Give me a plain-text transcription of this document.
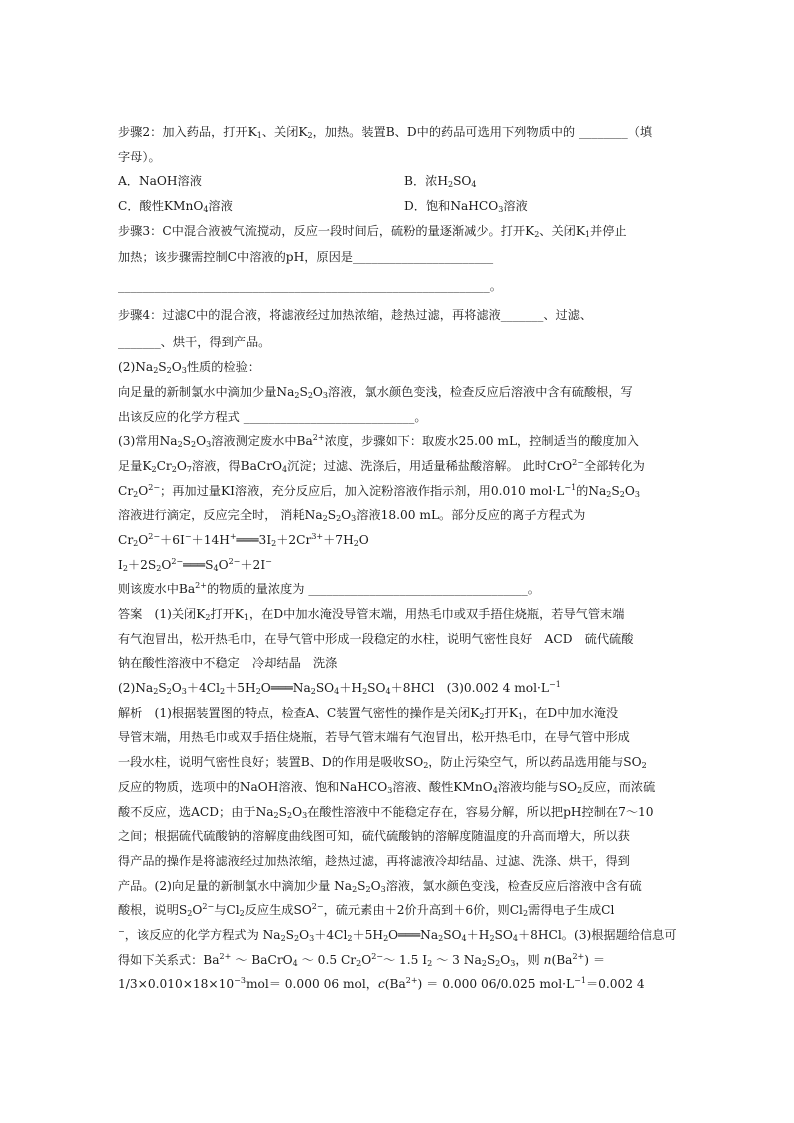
步骤2：加入药品，打开$K_1$、关闭$K_2$，加热。装置B、D中的药品可选用下列物质中的 ________（填
字母）。
A．NaOH溶液	B．浓$H_2SO_4$
C．酸性KMnO$_4$溶液	D．饱和NaHCO$_3$溶液
步骤3：C中混合液被气流搅动，反应一段时间后，硫粉的量逐渐减少。打开$K_2$、关闭$K_1$并停止
加热；该步骤需控制C中溶液的pH，原因是_______________________
_____________________________________________________________。
步骤4：过滤C中的混合液，将滤液经过加热浓缩，趁热过滤，再将滤液_______、过滤、
_______、烘干，得到产品。
$(2)Na_2S_2O_3$性质的检验：
向足量的新制氯水中滴加少量$Na_2S_2O_3$溶液，氯水颜色变浅，检查反应后溶液中含有硫酸根，写
出该反应的化学方程式 ____________________________。
(3)常用$Na_2S_2O_3$溶液测定废水中$Ba^{2+}$浓度，步骤如下：取废水25.00 mL，控制适当的酸度加入
足量$K_2Cr_2O_7$溶液，得BaCrO$_4$沉淀；过滤、洗涤后，用适量稀盐酸溶解。 此时CrO$^{2-}$全部转化为
$Cr_2O^{2-}$；再加过量KI溶液，充分反应后，加入淀粉溶液作指示剂，用0.010 $mol\cdot L^{-1}$的$Na_2S_2O_3$
溶液进行滴定，反应完全时， 消耗$Na_2S_2O_3$溶液18.00 mL。部分反应的离子方程式为
$Cr_2O^{2-}+6I^-+14H^+═══3I_2+2Cr^{3+}+7H_2O$
$I_2+2S_2O^{2-}═══S_4O^{2-}+2I^-$
则该废水中$Ba^{2+}$的物质的量浓度为 ____________________________________。
答案　(1)关闭$K_2$打开$K_1$，在D中加水淹没导管末端，用热毛巾或双手捂住烧瓶，若导气管末端
有气泡冒出，松开热毛巾，在导气管中形成一段稳定的水柱，说明气密性良好　ACD　硫代硫酸
钠在酸性溶液中不稳定　冷却结晶　洗涤
$(2)Na_2S_2O_3+4Cl_2+5H_2O═══Na_2SO_4+H_2SO_4+8HCl$　(3)0.002 4 $mol\cdot L^{-1}$
解析　(1)根据装置图的特点，检查A、C装置气密性的操作是关闭$K_2$打开$K_1$，在D中加水淹没
导管末端，用热毛巾或双手捂住烧瓶，若导气管末端有气泡冒出，松开热毛巾，在导气管中形成
一段水柱，说明气密性良好；装置B、D的作用是吸收$SO_2$，防止污染空气，所以药品选用能与$SO_2$
反应的物质，选项中的NaOH溶液、饱和NaHCO$_3$溶液、酸性KMnO$_4$溶液均能与$SO_2$反应，而浓硫
酸不反应，选ACD；由于$Na_2S_2O_3$在酸性溶液中不能稳定存在，容易分解，所以把pH控制在7～10
之间；根据硫代硫酸钠的溶解度曲线图可知，硫代硫酸钠的溶解度随温度的升高而增大，所以获
得产品的操作是将滤液经过加热浓缩，趁热过滤，再将滤液冷却结晶、过滤、洗涤、烘干，得到
产品。(2)向足量的新制氯水中滴加少量 $Na_2S_2O_3$溶液，氯水颜色变浅，检查反应后溶液中含有硫
酸根，说明$S_2O^{2-}$与$Cl_2$反应生成$SO^{2-}$，硫元素由＋2价升高到＋6价，则$Cl_2$需得电子生成Cl
−，该反应的化学方程式为 $Na_2S_2O_3+4Cl_2+5H_2O═══Na_2SO_4+H_2SO_4+8HCl$。(3)根据题给信息可
得如下关系式：$Ba^{2+}$ ～ BaCrO$_4$ ～ 0.5 $Cr_2O^{2-}\sim$ 1.5 $I_2$ ～ 3 $Na_2S_2O_3$，则 $n(Ba^{2+})$ ＝
$1/3\times 0.010\times 18\times 10^{-3}mol= 0.000$ 06 mol，$c(Ba^{2+}) = 0.000$ 06/0.025 $mol\cdot L^{-1}=0.002$ 4
